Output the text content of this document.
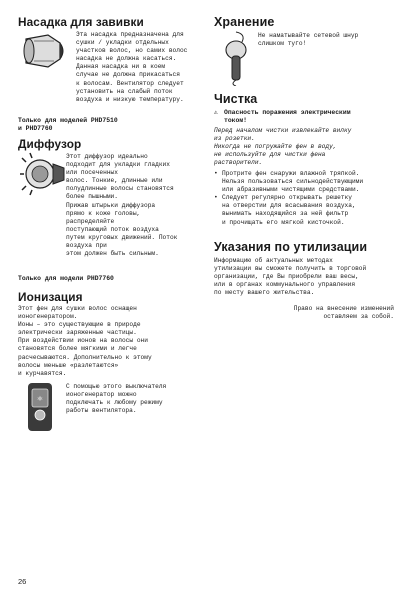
Насадка для завивки

Эта насадка предназначена для
сушки / укладки отдельных
участков волос, но самих волос
насадка не должна касаться.
Данная насадка ни в коем
случае не должна прикасаться
к волосам. Вентилятор следует
установить на слабый поток
воздуха и низкую температуру.

Только для моделей PHD7510
и PHD7760

Диффузор

Этот диффузор идеально
подходит для укладки гладких
или посеченных
волос. Тонкие, длинные или
полудлинные волосы становятся
более пышными.
Прижав штырьки диффузора
прямо к коже головы,
распределяйте
поступающий поток воздуха
путем круговых движений. Поток
воздуха при
этом должен быть сильным.

Только для модели PHD7760

Ионизация

Этот фен для сушки волос оснащен
ионогенератором.
Ионы – это существующие в природе
электрически заряженные частицы.
При воздействии ионов на волосы они
становятся более мягкими и легче
расчесываются. Дополнительно к этому
волосы меньше «разлетаются»
и курчавятся.

⚛

С помощью этого выключателя
ионогенератор можно
подключать к любому режиму
работы вентилятора.

Хранение

Не наматывайте сетевой шнур
слишком туго!

Чистка
⚠ Опасность поражения электрическим
током!

Перед началом чистки извлекайте вилку
из розетки.
Никогда не погружайте фен в воду,
не используйте для чистки фена
растворители.

• Протрите фен снаружи влажной тряпкой.
Нельзя пользоваться сильнодействующими
или абразивными чистящими средствами.

• Следует регулярно открывать решетку
на отверстии для всасывания воздуха,
вынимать находящийся за ней фильтр
и прочищать его мягкой кисточкой.

Указания по утилизации

Информацию об актуальных методах
утилизации вы сможете получить в торговой
организации, где Вы приобрели ваш весы,
или в органах коммунального управления
по месту вашего жительства.

Право на внесение изменений
оставляем за собой.

26
